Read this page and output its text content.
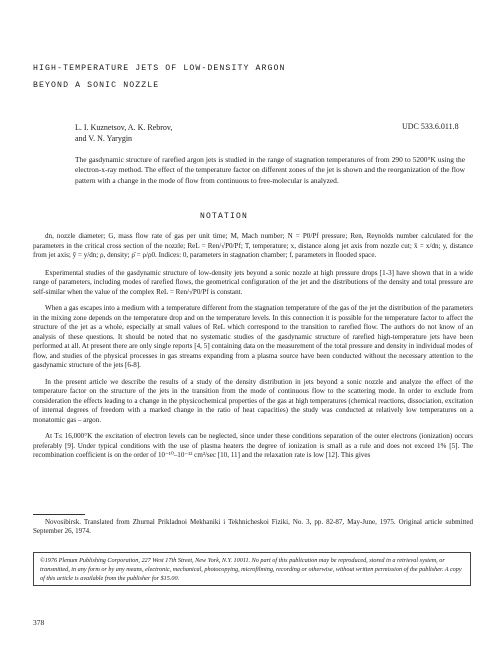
HIGH-TEMPERATURE JETS OF LOW-DENSITY ARGON
BEYOND A SONIC NOZZLE
L. I. Kuznetsov, A. K. Rebrov,
and V. N. Yarygin
UDC 533.6.011.8
The gasdynamic structure of rarefied argon jets is studied in the range of stagnation temperatures of from 290 to 5200°K using the electron-x-ray method. The effect of the temperature factor on different zones of the jet is shown and the reorganization of the flow pattern with a change in the mode of flow from continuous to free-molecular is analyzed.
NOTATION

dn, nozzle diameter; G, mass flow rate of gas per unit time; M, Mach number; N = P0/Pf pressure; Ren, Reynolds number calculated for the parameters in the critical cross section of the nozzle; ReL = Ren/√P0/Pf; T, temperature; x, distance along jet axis from nozzle cut; x̄ = x/dn; y, distance from jet axis; ȳ = y/dn; ρ, density; ρ̄ = ρ/ρ0. Indices: 0, parameters in stagnation chamber; f, parameters in flooded space.

Experimental studies of the gasdynamic structure of low-density jets beyond a sonic nozzle at high pressure drops [1-3] have shown that in a wide range of parameters, including modes of rarefied flows, the geometrical configuration of the jet and the distributions of the density and total pressure are self-similar when the value of the complex ReL = Ren/√P0/Pf is constant.

When a gas escapes into a medium with a temperature different from the stagnation temperature of the gas of the jet the distribution of the parameters in the mixing zone depends on the temperature drop and on the temperature levels. In this connection it is possible for the temperature factor to affect the structure of the jet as a whole, especially at small values of ReL which correspond to the transition to rarefied flow. The authors do not know of an analysis of these questions. It should be noted that no systematic studies of the gasdynamic structure of rarefied high-temperature jets have been performed at all. At present there are only single reports [4, 5] containing data on the measurement of the total pressure and density in individual modes of flow, and studies of the physical processes in gas streams expanding from a plasma source have been conducted without the necessary attention to the gasdynamic structure of the jets [6-8].

In the present article we describe the results of a study of the density distribution in jets beyond a sonic nozzle and analyze the effect of the temperature factor on the structure of the jets in the transition from the mode of continuous flow to the scattering mode. In order to exclude from consideration the effects leading to a change in the physicochemical properties of the gas at high temperatures (chemical reactions, dissociation, excitation of internal degrees of freedom with a marked change in the ratio of heat capacities) the study was conducted at relatively low temperatures on a monatomic gas – argon.

At T≤ 16,000°K the excitation of electron levels can be neglected, since under these conditions separation of the outer electrons (ionization) occurs preferably [9]. Under typical conditions with the use of plasma heaters the degree of ionization is small as a rule and does not exceed 1% [5]. The recombination coefficient is on the order of 10⁻¹⁰–10⁻¹² cm³/sec [10, 11] and the relaxation rate is low [12]. This gives

Novosibirsk. Translated from Zhurnal Prikladnoi Mekhaniki i Tekhnicheskoi Fiziki, No. 3, pp. 82-87, May-June, 1975. Original article submitted September 26, 1974.
©1976 Plenum Publishing Corporation, 227 West 17th Street, New York, N.Y. 10011. No part of this publication may be reproduced, stored in a retrieval system, or transmitted, in any form or by any means, electronic, mechanical, photocopying, microfilming, recording or otherwise, without written permission of the publisher. A copy of this article is available from the publisher for $15.00.
378
